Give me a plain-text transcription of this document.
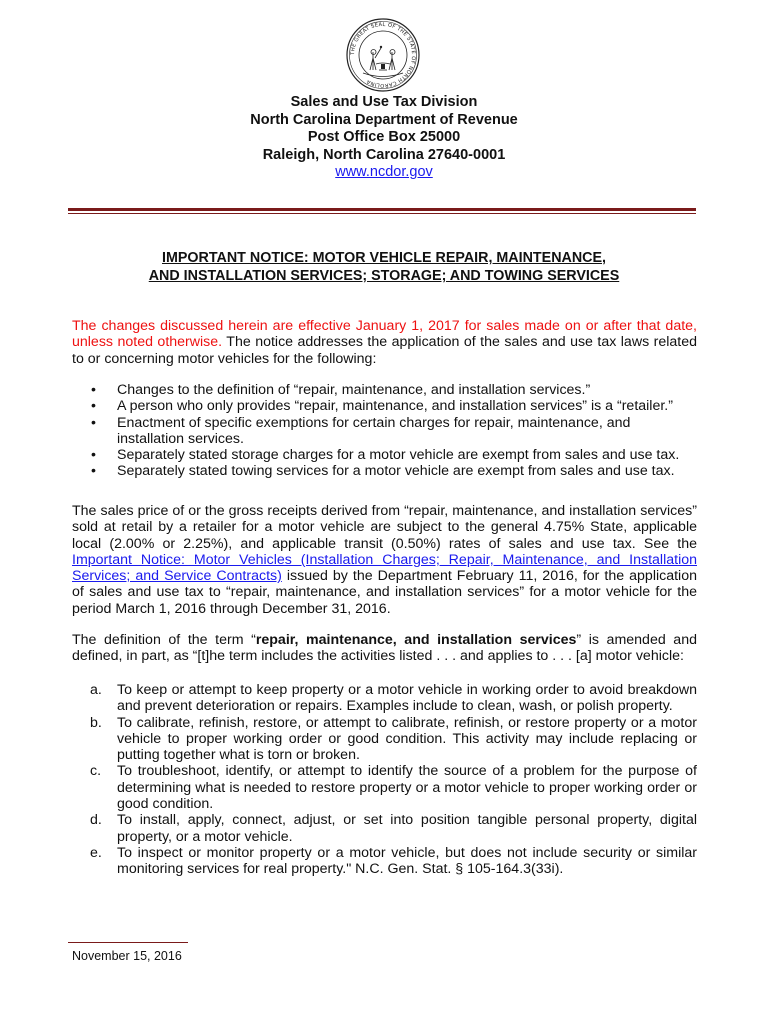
THE GREAT SEAL OF THE STATE OF NORTH CAROLINA
Sales and Use Tax Division
North Carolina Department of Revenue
Post Office Box 25000
Raleigh, North Carolina 27640-0001
www.ncdor.gov
IMPORTANT NOTICE: MOTOR VEHICLE REPAIR, MAINTENANCE,
AND INSTALLATION SERVICES; STORAGE; AND TOWING SERVICES
The changes discussed herein are effective January 1, 2017 for sales made on or after that date, unless noted otherwise. The notice addresses the application of the sales and use tax laws related to or concerning motor vehicles for the following:
• Changes to the definition of “repair, maintenance, and installation services.”
• A person who only provides “repair, maintenance, and installation services” is a “retailer.”
• Enactment of specific exemptions for certain charges for repair, maintenance, and installation services.
• Separately stated storage charges for a motor vehicle are exempt from sales and use tax.
• Separately stated towing services for a motor vehicle are exempt from sales and use tax.
The sales price of or the gross receipts derived from “repair, maintenance, and installation services” sold at retail by a retailer for a motor vehicle are subject to the general 4.75% State, applicable local (2.00% or 2.25%), and applicable transit (0.50%) rates of sales and use tax. See the Important Notice: Motor Vehicles (Installation Charges; Repair, Maintenance, and Installation Services; and Service Contracts) issued by the Department February 11, 2016, for the application of sales and use tax to “repair, maintenance, and installation services” for a motor vehicle for the period March 1, 2016 through December 31, 2016.
The definition of the term “repair, maintenance, and installation services” is amended and defined, in part, as “[t]he term includes the activities listed . . . and applies to . . . [a] motor vehicle:
a. To keep or attempt to keep property or a motor vehicle in working order to avoid breakdown and prevent deterioration or repairs. Examples include to clean, wash, or polish property.
b. To calibrate, refinish, restore, or attempt to calibrate, refinish, or restore property or a motor vehicle to proper working order or good condition. This activity may include replacing or putting together what is torn or broken.
c. To troubleshoot, identify, or attempt to identify the source of a problem for the purpose of determining what is needed to restore property or a motor vehicle to proper working order or good condition.
d. To install, apply, connect, adjust, or set into position tangible personal property, digital property, or a motor vehicle.
e. To inspect or monitor property or a motor vehicle, but does not include security or similar monitoring services for real property." N.C. Gen. Stat. § 105-164.3(33i).
November 15, 2016
